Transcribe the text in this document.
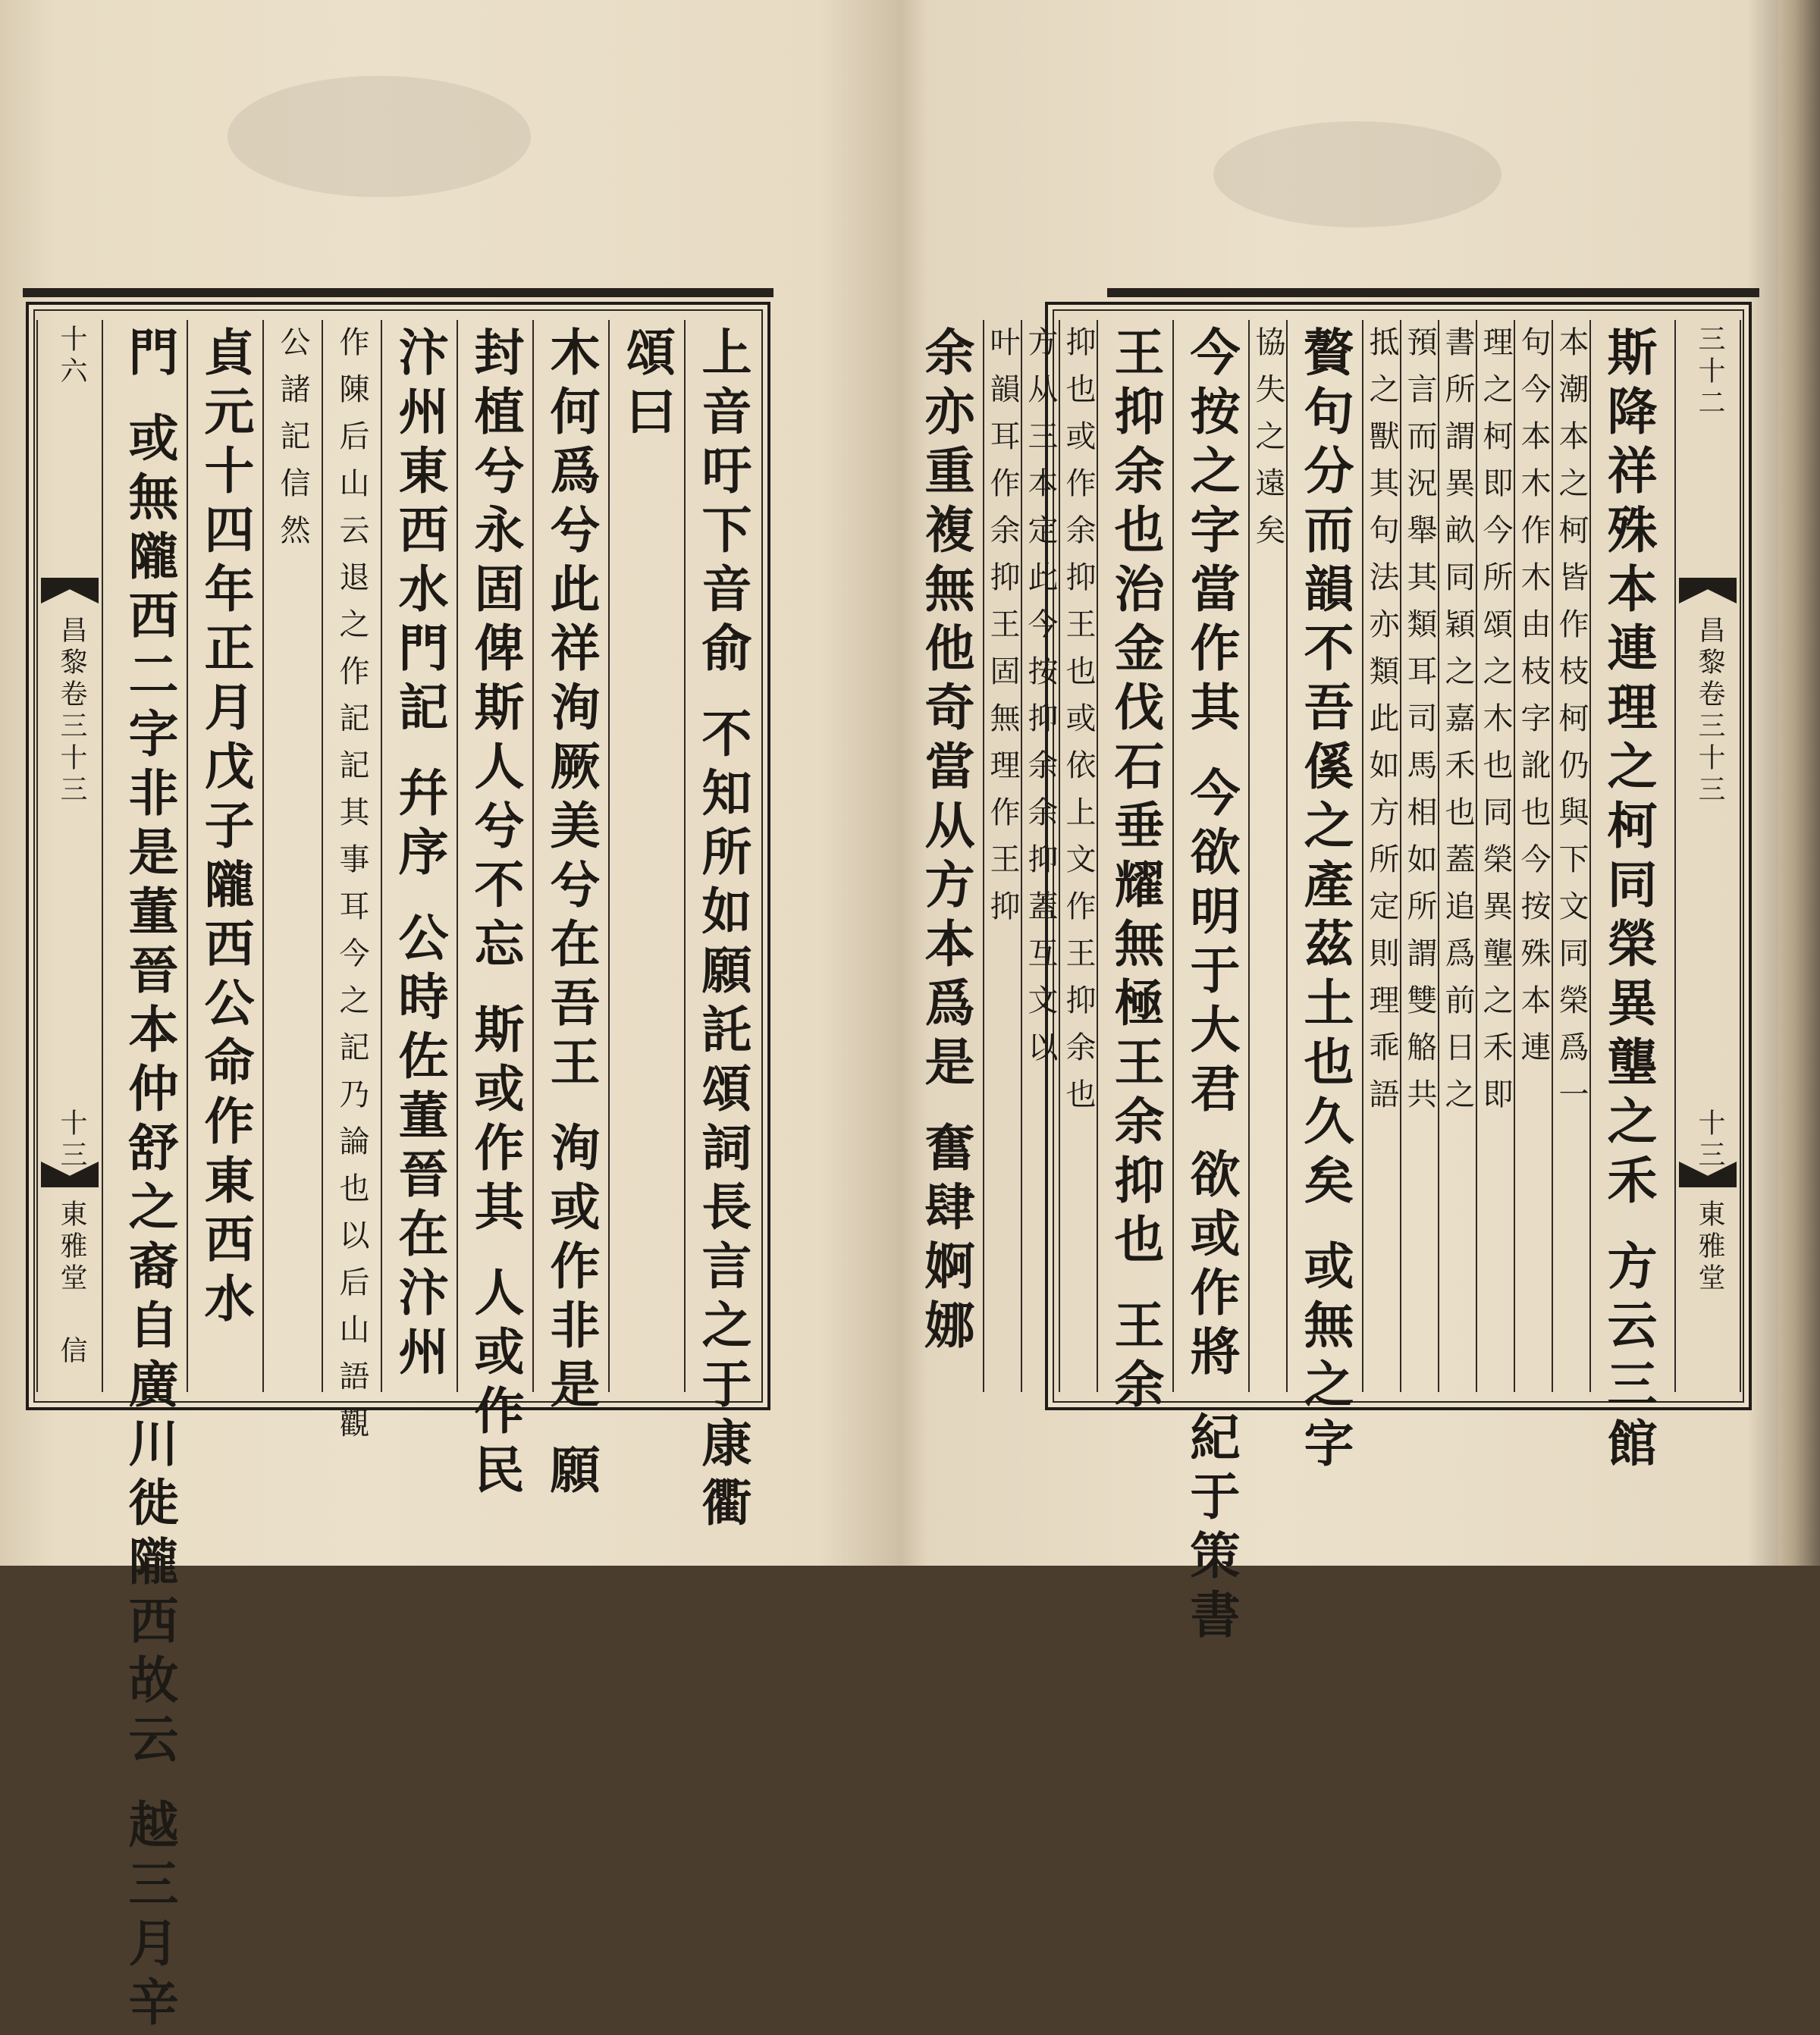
十六
昌黎卷三十三
十三
東雅堂
信	上音吁下音俞 不知所如願託頌詞長言之于康衢
頌曰
木何爲兮此祥洵厥美兮在吾王 洵或作非是 願
封植兮永固俾斯人兮不忘 斯或作其 人或作民
汴州東西水門記 幷序 公時佐董晉在汴州
作陳后山云退之作記記其事耳今之記乃論也以后山語觀
公諸記信然
貞元十四年正月戊子隴西公命作東西水
門 或無隴西二字非是董晉本仲舒之裔自廣川徙隴西故云 越三月辛	三十二
昌黎卷三十三
十三
東雅堂
斯降祥殊本連理之柯同榮異壟之禾 方云三館
本潮本之柯皆作枝柯仍與下文同榮爲一
句今本木作木由枝字訛也今按殊本連
理之柯即今所頌之木也同榮異壟之禾即
書所謂異畝同穎之嘉禾也蓋追爲前日之
預言而況舉其類耳司馬相如所謂雙觡共
抵之獸其句法亦類此如方所定則理乖語
贅句分而韻不吾傒之產茲土也久矣 或無之字
協失之遠矣
今按之字當作其 今欲明于大君 欲或作將 紀于策書
王抑余也治金伐石垂耀無極王余抑也 王余
抑也或作余抑王也或依上文作王抑余也
方从三本定此今按抑余余抑蓋互文以
叶韻耳作余抑王固無理作王抑
余亦重複無他奇當从方本爲是 奮肆婀娜
